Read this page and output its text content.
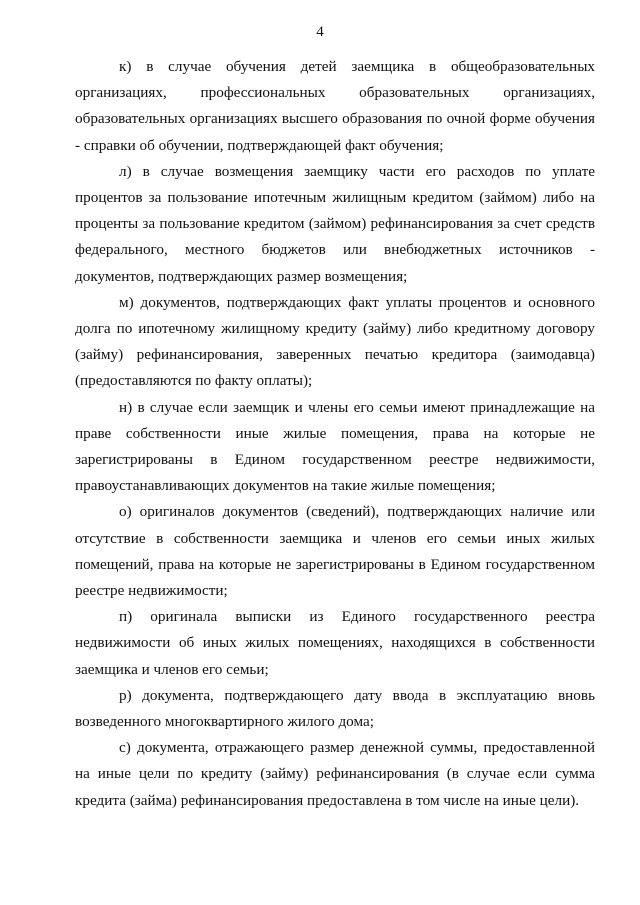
4

к) в случае обучения детей заемщика в общеобразовательных организациях, профессиональных образовательных организациях, образовательных организациях высшего образования по очной форме обучения - справки об обучении, подтверждающей факт обучения;

л) в случае возмещения заемщику части его расходов по уплате процентов за пользование ипотечным жилищным кредитом (займом) либо на проценты за пользование кредитом (займом) рефинансирования за счет средств федерального, местного бюджетов или внебюджетных источников - документов, подтверждающих размер возмещения;

м) документов, подтверждающих факт уплаты процентов и основного долга по ипотечному жилищному кредиту (займу) либо кредитному договору (займу) рефинансирования, заверенных печатью кредитора (заимодавца) (предоставляются по факту оплаты);

н) в случае если заемщик и члены его семьи имеют принадлежащие на праве собственности иные жилые помещения, права на которые не зарегистрированы в Едином государственном реестре недвижимости, правоустанавливающих документов на такие жилые помещения;

о) оригиналов документов (сведений), подтверждающих наличие или отсутствие в собственности заемщика и членов его семьи иных жилых помещений, права на которые не зарегистрированы в Едином государственном реестре недвижимости;

п) оригинала выписки из Единого государственного реестра недвижимости об иных жилых помещениях, находящихся в собственности заемщика и членов его семьи;

р) документа, подтверждающего дату ввода в эксплуатацию вновь возведенного многоквартирного жилого дома;

с) документа, отражающего размер денежной суммы, предоставленной на иные цели по кредиту (займу) рефинансирования (в случае если сумма кредита (займа) рефинансирования предоставлена в том числе на иные цели).
